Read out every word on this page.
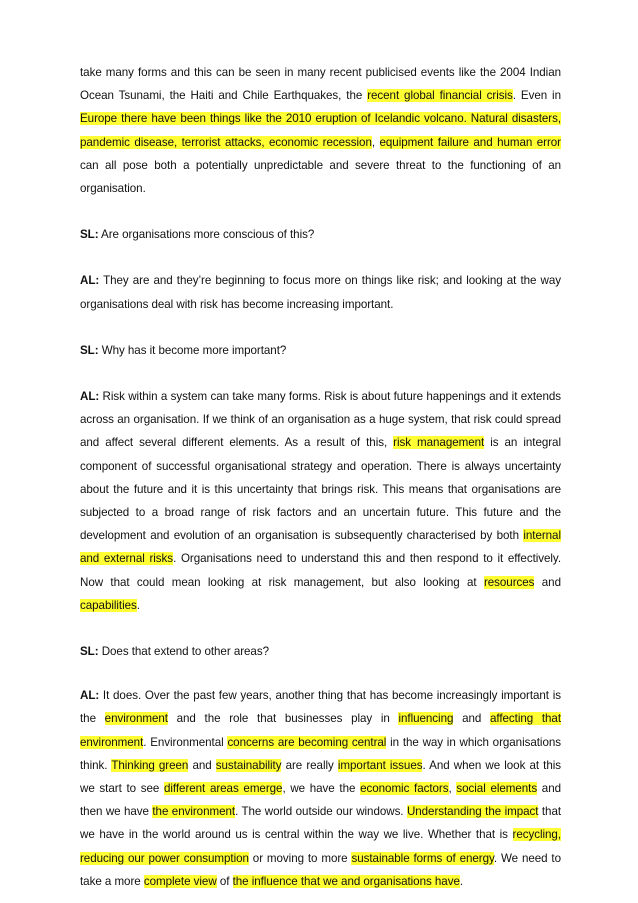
take many forms and this can be seen in many recent publicised events like the 2004 Indian Ocean Tsunami, the Haiti and Chile Earthquakes, the recent global financial crisis. Even in Europe there have been things like the 2010 eruption of Icelandic volcano. Natural disasters, pandemic disease, terrorist attacks, economic recession, equipment failure and human error can all pose both a potentially unpredictable and severe threat to the functioning of an organisation.

SL: Are organisations more conscious of this?

AL: They are and they’re beginning to focus more on things like risk; and looking at the way organisations deal with risk has become increasing important.

SL: Why has it become more important?

AL: Risk within a system can take many forms. Risk is about future happenings and it extends across an organisation. If we think of an organisation as a huge system, that risk could spread and affect several different elements. As a result of this, risk management is an integral component of successful organisational strategy and operation. There is always uncertainty about the future and it is this uncertainty that brings risk. This means that organisations are subjected to a broad range of risk factors and an uncertain future. This future and the development and evolution of an organisation is subsequently characterised by both internal and external risks. Organisations need to understand this and then respond to it effectively. Now that could mean looking at risk management, but also looking at resources and capabilities.

SL: Does that extend to other areas?

AL: It does. Over the past few years, another thing that has become increasingly important is the environment and the role that businesses play in influencing and affecting that environment. Environmental concerns are becoming central in the way in which organisations think. Thinking green and sustainability are really important issues. And when we look at this we start to see different areas emerge, we have the economic factors, social elements and then we have the environment. The world outside our windows. Understanding the impact that we have in the world around us is central within the way we live. Whether that is recycling, reducing our power consumption or moving to more sustainable forms of energy. We need to take a more complete view of the influence that we and organisations have.
